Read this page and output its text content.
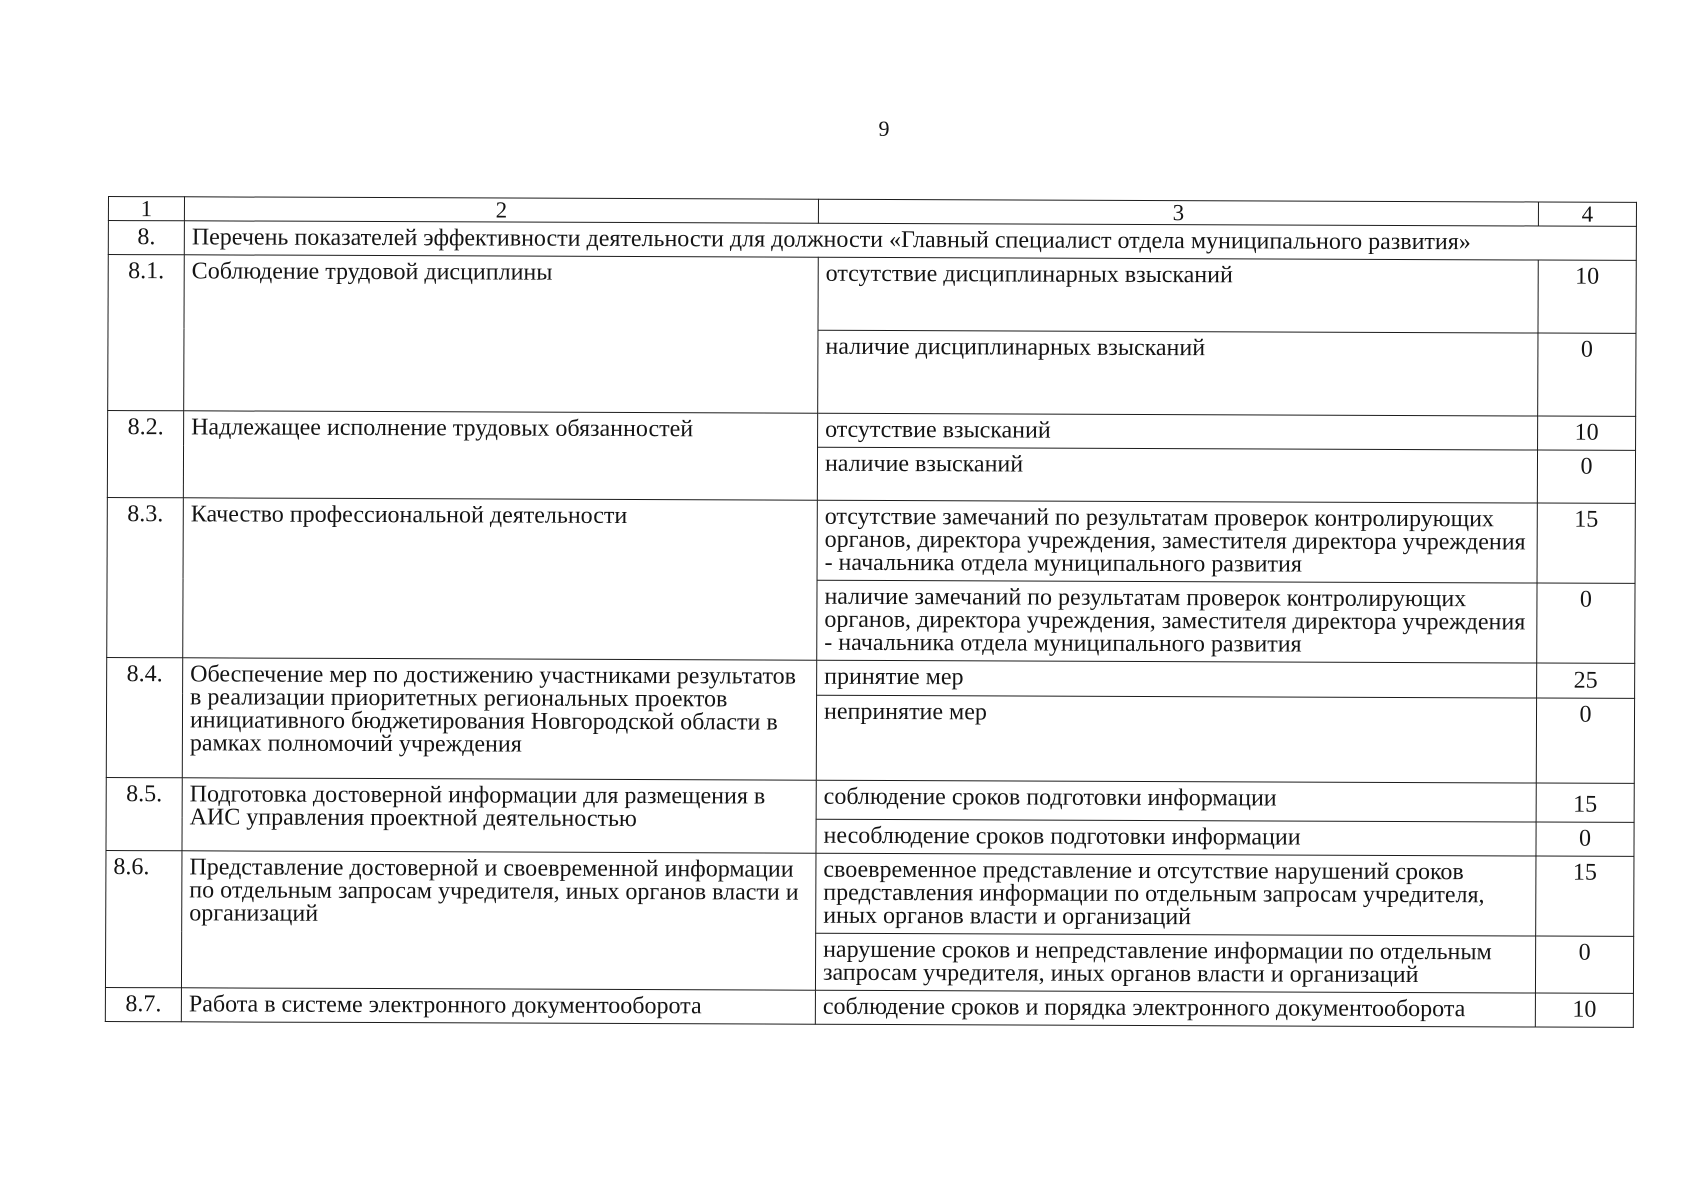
9
1	2	3	4
8.	Перечень показателей эффективности деятельности для должности «Главный специалист отдела муниципального развития»		
8.1.	Соблюдение трудовой дисциплины	отсутствие дисциплинарных взысканий	10
		наличие дисциплинарных взысканий	0
8.2.	Надлежащее исполнение трудовых обязанностей	отсутствие взысканий	10
		наличие взысканий	0
8.3.	Качество профессиональной деятельности	отсутствие замечаний по результатам проверок контролирующих органов, директора учреждения, заместителя директора учреждения - начальника отдела муниципального развития	15
		наличие замечаний по результатам проверок контролирующих органов, директора учреждения, заместителя директора учреждения - начальника отдела муниципального развития	0
8.4.	Обеспечение мер по достижению участниками результатов в реализации приоритетных региональных проектов инициативного бюджетирования Новгородской области в рамках полномочий учреждения	принятие мер	25
		непринятие мер	0
8.5.	Подготовка достоверной информации для размещения в АИС управления проектной деятельностью	соблюдение сроков подготовки информации	15
		несоблюдение сроков подготовки информации	0
8.6.	Представление достоверной и своевременной информации по отдельным запросам учредителя, иных органов власти и организаций	своевременное представление и отсутствие нарушений сроков представления информации по отдельным запросам учредителя, иных органов власти и организаций	15
		нарушение сроков и непредставление информации по отдельным запросам учредителя, иных органов власти и организаций	0
8.7.	Работа в системе электронного документооборота	соблюдение сроков и порядка электронного документооборота	10
